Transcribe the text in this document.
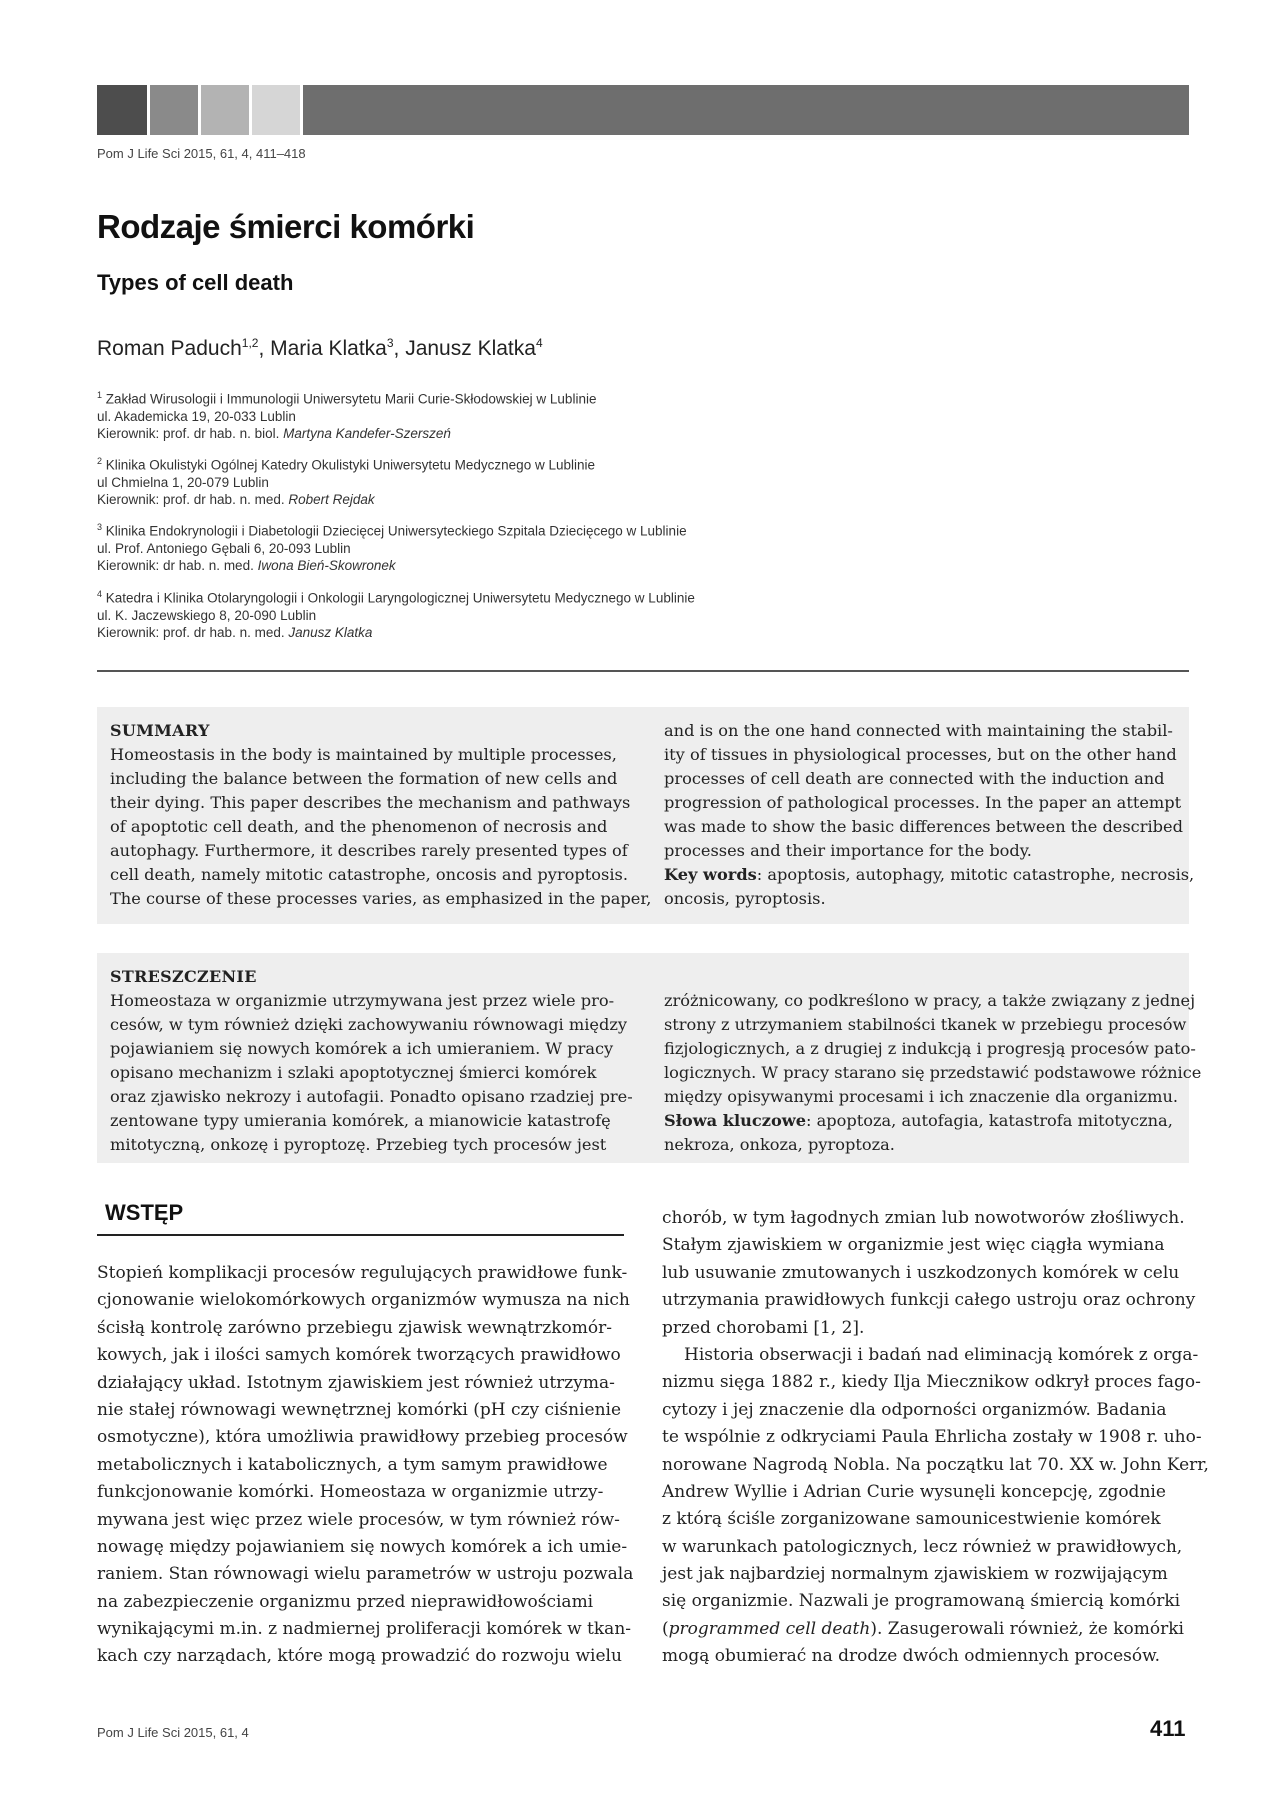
Pom J Life Sci 2015, 61, 4, 411–418
Rodzaje śmierci komórki
Types of cell death
Roman Paduch$^{1,2}$, Maria Klatka$^3$, Janusz Klatka$^4$
$^1$ Zakład Wirusologii i Immunologii Uniwersytetu Marii Curie-Skłodowskiej w Lublinie
ul. Akademicka 19, 20-033 Lublin
Kierownik: prof. dr hab. n. biol. Martyna Kandefer-Szerszeń
$^2$ Klinika Okulistyki Ogólnej Katedry Okulistyki Uniwersytetu Medycznego w Lublinie
ul Chmielna 1, 20-079 Lublin
Kierownik: prof. dr hab. n. med. Robert Rejdak
$^3$ Klinika Endokrynologii i Diabetologii Dziecięcej Uniwersyteckiego Szpitala Dziecięcego w Lublinie
ul. Prof. Antoniego Gębali 6, 20-093 Lublin
Kierownik: dr hab. n. med. Iwona Bień-Skowronek
$^4$ Katedra i Klinika Otolaryngologii i Onkologii Laryngologicznej Uniwersytetu Medycznego w Lublinie
ul. K. Jaczewskiego 8, 20-090 Lublin
Kierownik: prof. dr hab. n. med. Janusz Klatka
SUMMARY
Homeostasis in the body is maintained by multiple processes,
including the balance between the formation of new cells and
their dying. This paper describes the mechanism and pathways
of apoptotic cell death, and the phenomenon of necrosis and
autophagy. Furthermore, it describes rarely presented types of
cell death, namely mitotic catastrophe, oncosis and pyroptosis.
The course of these processes varies, as emphasized in the paper,
and is on the one hand connected with maintaining the stabil-
ity of tissues in physiological processes, but on the other hand
processes of cell death are connected with the induction and
progression of pathological processes. In the paper an attempt
was made to show the basic differences between the described
processes and their importance for the body.
Key words: apoptosis, autophagy, mitotic catastrophe, necrosis,
oncosis, pyroptosis.
STRESZCZENIE
Homeostaza w organizmie utrzymywana jest przez wiele pro-
cesów, w tym również dzięki zachowywaniu równowagi między
pojawianiem się nowych komórek a ich umieraniem. W pracy
opisano mechanizm i szlaki apoptotycznej śmierci komórek
oraz zjawisko nekrozy i autofagii. Ponadto opisano rzadziej pre-
zentowane typy umierania komórek, a mianowicie katastrofę
mitotyczną, onkozę i pyroptozę. Przebieg tych procesów jest
zróżnicowany, co podkreślono w pracy, a także związany z jednej
strony z utrzymaniem stabilności tkanek w przebiegu procesów
fizjologicznych, a z drugiej z indukcją i progresją procesów pato-
logicznych. W pracy starano się przedstawić podstawowe różnice
między opisywanymi procesami i ich znaczenie dla organizmu.
Słowa kluczowe: apoptoza, autofagia, katastrofa mitotyczna,
nekroza, onkoza, pyroptoza.
WSTĘP
Stopień komplikacji procesów regulujących prawidłowe funk-
cjonowanie wielokomórkowych organizmów wymusza na nich
ścisłą kontrolę zarówno przebiegu zjawisk wewnątrzkomór-
kowych, jak i ilości samych komórek tworzących prawidłowo
działający układ. Istotnym zjawiskiem jest również utrzyma-
nie stałej równowagi wewnętrznej komórki (pH czy ciśnienie
osmotyczne), która umożliwia prawidłowy przebieg procesów
metabolicznych i katabolicznych, a tym samym prawidłowe
funkcjonowanie komórki. Homeostaza w organizmie utrzy-
mywana jest więc przez wiele procesów, w tym również rów-
nowagę między pojawianiem się nowych komórek a ich umie-
raniem. Stan równowagi wielu parametrów w ustroju pozwala
na zabezpieczenie organizmu przed nieprawidłowościami
wynikającymi m.in. z nadmiernej proliferacji komórek w tkan-
kach czy narządach, które mogą prowadzić do rozwoju wielu
chorób, w tym łagodnych zmian lub nowotworów złośliwych.
Stałym zjawiskiem w organizmie jest więc ciągła wymiana
lub usuwanie zmutowanych i uszkodzonych komórek w celu
utrzymania prawidłowych funkcji całego ustroju oraz ochrony
przed chorobami [1, 2].
Historia obserwacji i badań nad eliminacją komórek z orga-
nizmu sięga 1882 r., kiedy Ilja Miecznikow odkrył proces fago-
cytozy i jej znaczenie dla odporności organizmów. Badania
te wspólnie z odkryciami Paula Ehrlicha zostały w 1908 r. uho-
norowane Nagrodą Nobla. Na początku lat 70. XX w. John Kerr,
Andrew Wyllie i Adrian Curie wysunęli koncepcję, zgodnie
z którą ściśle zorganizowane samounicestwienie komórek
w warunkach patologicznych, lecz również w prawidłowych,
jest jak najbardziej normalnym zjawiskiem w rozwijającym
się organizmie. Nazwali je programowaną śmiercią komórki
(programmed cell death). Zasugerowali również, że komórki
mogą obumierać na drodze dwóch odmiennych procesów.
Pom J Life Sci 2015, 61, 4	411
